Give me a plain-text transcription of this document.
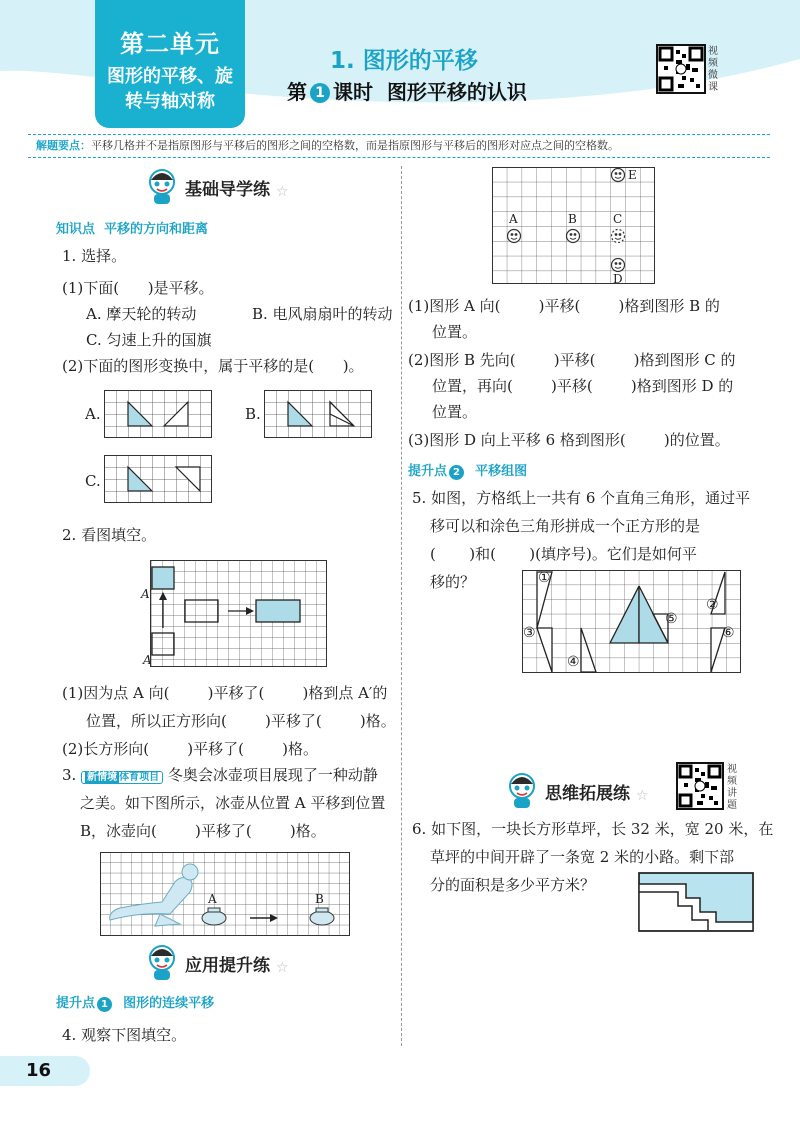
第二单元
图形的平移、旋
转与轴对称
1. 图形的平移
第 1 课时 图形平移的认识
视频微课
解题要点：平移几格并不是指原图形与平移后的图形之间的空格数，而是指原图形与平移后的图形对应点之间的空格数。
基础导学练 ☆
知识点  平移的方向和距离
1. 选择。
(1)下面(      )是平移。
A. 摩天轮的转动	B. 电风扇扇叶的转动
C. 匀速上升的国旗
(2)下面的图形变换中，属于平移的是(      )。
A.	B.
C.
2. 看图填空。
A′
A
(1)因为点 A 向(        )平移了(        )格到点 A′的
位置，所以正方形向(        )平移了(        )格。
(2)长方形向(        )平移了(        )格。
3. 新情境 体育项目 冬奥会冰壶项目展现了一种动静
之美。如下图所示，冰壶从位置 A 平移到位置
B，冰壶向(        )平移了(        )格。
A	B
应用提升练 ☆
提升点 1 图形的连续平移
4. 观察下图填空。
16
A	B	C
D
E
(1)图形 A 向(        )平移(        )格到图形 B 的
位置。
(2)图形 B 先向(        )平移(        )格到图形 C 的
位置，再向(        )平移(        )格到图形 D 的
位置。
(3)图形 D 向上平移 6 格到图形(        )的位置。
提升点 2 平移组图
5. 如图，方格纸上一共有 6 个直角三角形，通过平
移可以和涂色三角形拼成一个正方形的是
(       )和(       )(填序号)。它们是如何平
移的？	①
②
③
④
⑤
⑥
思维拓展练 ☆
视频讲题
6. 如下图，一块长方形草坪，长 32 米，宽 20 米，在
草坪的中间开辟了一条宽 2 米的小路。剩下部
分的面积是多少平方米？
